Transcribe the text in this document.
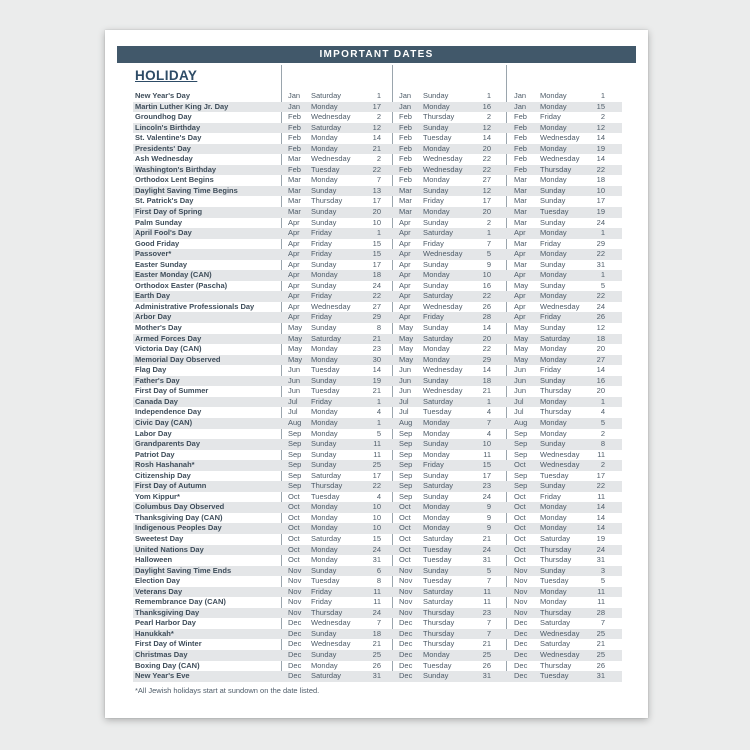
IMPORTANT DATES
HOLIDAY
New Year's Day	Jan	Saturday	1 Jan	Sunday	1	Jan	Monday	1
Martin Luther King Jr. Day	Jan	Monday	17 Jan	Monday	16	Jan	Monday	15
Groundhog Day	Feb	Wednesday	2 Feb	Thursday	2	Feb	Friday	2
Lincoln's Birthday	Feb	Saturday	12 Feb	Sunday	12	Feb	Monday	12
St. Valentine's Day	Feb	Monday	14 Feb	Tuesday	14	Feb	Wednesday	14
Presidents' Day	Feb	Monday	21 Feb	Monday	20	Feb	Monday	19
Ash Wednesday	Mar	Wednesday	2 Feb	Wednesday	22	Feb	Wednesday	14
Washington's Birthday	Feb	Tuesday	22 Feb	Wednesday	22	Feb	Thursday	22
Orthodox Lent Begins	Mar	Monday	7 Feb	Monday	27	Mar	Monday	18
Daylight Saving Time Begins	Mar	Sunday	13 Mar	Sunday	12	Mar	Sunday	10
St. Patrick's Day	Mar	Thursday	17 Mar	Friday	17	Mar	Sunday	17
First Day of Spring	Mar	Sunday	20 Mar	Monday	20	Mar	Tuesday	19
Palm Sunday	Apr	Sunday	10 Apr	Sunday	2	Mar	Sunday	24
April Fool's Day	Apr	Friday	1 Apr	Saturday	1	Apr	Monday	1
Good Friday	Apr	Friday	15 Apr	Friday	7	Mar	Friday	29
Passover*	Apr	Friday	15 Apr	Wednesday	5	Apr	Monday	22
Easter Sunday	Apr	Sunday	17 Apr	Sunday	9	Mar	Sunday	31
Easter Monday (CAN)	Apr	Monday	18 Apr	Monday	10	Apr	Monday	1
Orthodox Easter (Pascha)	Apr	Sunday	24 Apr	Sunday	16	May	Sunday	5
Earth Day	Apr	Friday	22 Apr	Saturday	22	Apr	Monday	22
Administrative Professionals Day	Apr	Wednesday	27 Apr	Wednesday	26	Apr	Wednesday	24
Arbor Day	Apr	Friday	29 Apr	Friday	28	Apr	Friday	26
Mother's Day	May	Sunday	8 May	Sunday	14	May	Sunday	12
Armed Forces Day	May	Saturday	21 May	Saturday	20	May	Saturday	18
Victoria Day (CAN)	May	Monday	23 May	Monday	22	May	Monday	20
Memorial Day Observed	May	Monday	30 May	Monday	29	May	Monday	27
Flag Day	Jun	Tuesday	14 Jun	Wednesday	14	Jun	Friday	14
Father's Day	Jun	Sunday	19 Jun	Sunday	18	Jun	Sunday	16
First Day of Summer	Jun	Tuesday	21 Jun	Wednesday	21	Jun	Thursday	20
Canada Day	Jul	Friday	1 Jul	Saturday	1	Jul	Monday	1
Independence Day	Jul	Monday	4 Jul	Tuesday	4	Jul	Thursday	4
Civic Day (CAN)	Aug	Monday	1 Aug	Monday	7	Aug	Monday	5
Labor Day	Sep	Monday	5 Sep	Monday	4	Sep	Monday	2
Grandparents Day	Sep	Sunday	11 Sep	Sunday	10	Sep	Sunday	8
Patriot Day	Sep	Sunday	11 Sep	Monday	11	Sep	Wednesday	11
Rosh Hashanah*	Sep	Sunday	25 Sep	Friday	15	Oct	Wednesday	2
Citizenship Day	Sep	Saturday	17 Sep	Sunday	17	Sep	Tuesday	17
First Day of Autumn	Sep	Thursday	22 Sep	Saturday	23	Sep	Sunday	22
Yom Kippur*	Oct	Tuesday	4 Sep	Sunday	24	Oct	Friday	11
Columbus Day Observed	Oct	Monday	10 Oct	Monday	9	Oct	Monday	14
Thanksgiving Day (CAN)	Oct	Monday	10 Oct	Monday	9	Oct	Monday	14
Indigenous Peoples Day	Oct	Monday	10 Oct	Monday	9	Oct	Monday	14
Sweetest Day	Oct	Saturday	15 Oct	Saturday	21	Oct	Saturday	19
United Nations Day	Oct	Monday	24 Oct	Tuesday	24	Oct	Thursday	24
Halloween	Oct	Monday	31 Oct	Tuesday	31	Oct	Thursday	31
Daylight Saving Time Ends	Nov	Sunday	6 Nov	Sunday	5	Nov	Sunday	3
Election Day	Nov	Tuesday	8 Nov	Tuesday	7	Nov	Tuesday	5
Veterans Day	Nov	Friday	11 Nov	Saturday	11	Nov	Monday	11
Remembrance Day (CAN)	Nov	Friday	11 Nov	Saturday	11	Nov	Monday	11
Thanksgiving Day	Nov	Thursday	24 Nov	Thursday	23	Nov	Thursday	28
Pearl Harbor Day	Dec	Wednesday	7 Dec	Thursday	7	Dec	Saturday	7
Hanukkah*	Dec	Sunday	18 Dec	Thursday	7	Dec	Wednesday	25
First Day of Winter	Dec	Wednesday	21 Dec	Thursday	21	Dec	Saturday	21
Christmas Day	Dec	Sunday	25 Dec	Monday	25	Dec	Wednesday	25
Boxing Day (CAN)	Dec	Monday	26 Dec	Tuesday	26	Dec	Thursday	26
New Year's Eve	Dec	Saturday	31 Dec	Sunday	31	Dec	Tuesday	31
*All Jewish holidays start at sundown on the date listed.
